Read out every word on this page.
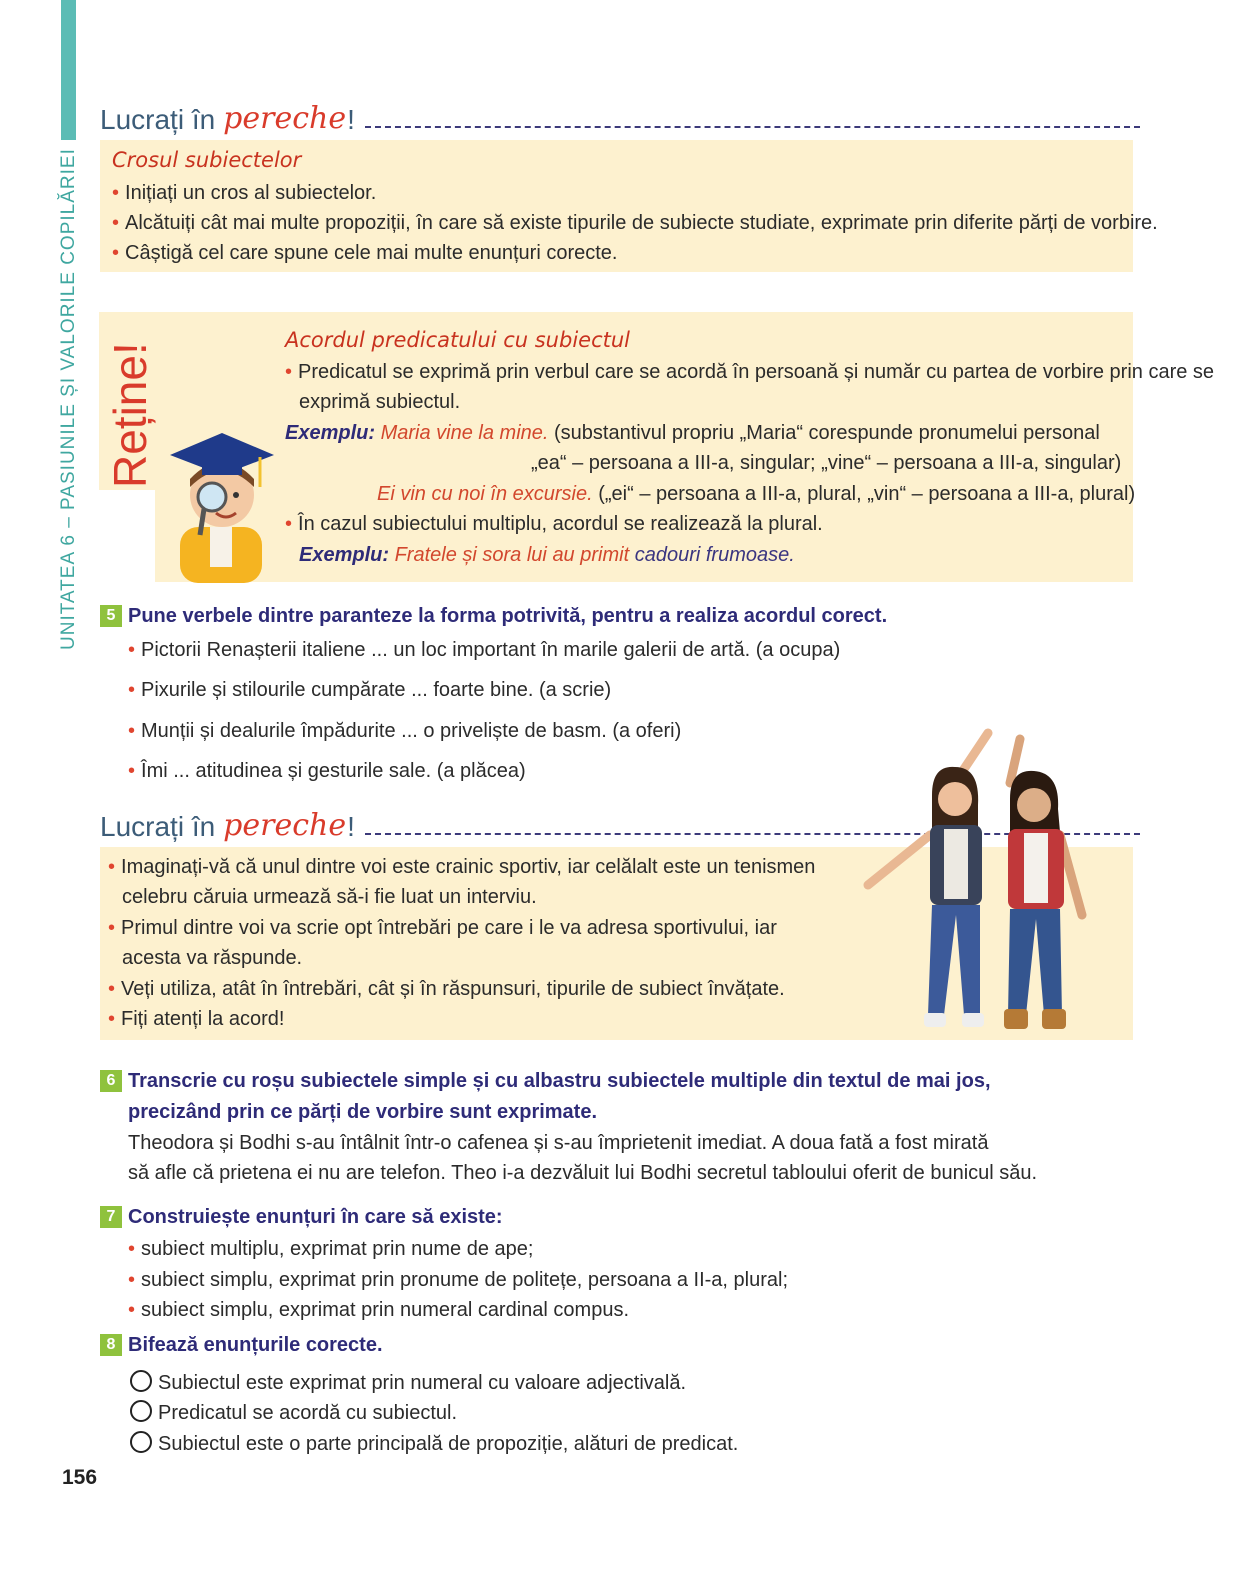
UNITATEA 6 – PASIUNILE ȘI VALORILE COPILĂRIEI
Lucrați în pereche !
Crosul subiectelor
• Inițiați un cros al subiectelor.
• Alcătuiți cât mai multe propoziții, în care să existe tipurile de subiecte studiate, exprimate prin diferite părți de vorbire.
• Câștigă cel care spune cele mai multe enunțuri corecte.
Reține!
Acordul predicatului cu subiectul
• Predicatul se exprimă prin verbul care se acordă în persoană și număr cu partea de vorbire prin care se
exprimă subiectul.
Exemplu: Maria vine la mine. (substantivul propriu „Maria“ corespunde pronumelui personal
„ea“ – persoana a III-a, singular; „vine“ – persoana a III-a, singular)
Ei vin cu noi în excursie. („ei“ – persoana a III-a, plural, „vin“ – persoana a III-a, plural)
• În cazul subiectului multiplu, acordul se realizează la plural.
Exemplu: Fratele și sora lui au primit cadouri frumoase.
5 Pune verbele dintre paranteze la forma potrivită, pentru a realiza acordul corect.
• Pictorii Renașterii italiene ... un loc important în marile galerii de artă. (a ocupa)
• Pixurile și stilourile cumpărate ... foarte bine. (a scrie)
• Munții și dealurile împădurite ... o priveliște de basm. (a oferi)
• Îmi ... atitudinea și gesturile sale. (a plăcea)
Lucrați în pereche !
• Imaginați-vă că unul dintre voi este crainic sportiv, iar celălalt este un tenismen
celebru căruia urmează să-i fie luat un interviu.
• Primul dintre voi va scrie opt întrebări pe care i le va adresa sportivului, iar
acesta va răspunde.
• Veți utiliza, atât în întrebări, cât și în răspunsuri, tipurile de subiect învățate.
• Fiți atenți la acord!
6 Transcrie cu roșu subiectele simple și cu albastru subiectele multiple din textul de mai jos,
precizând prin ce părți de vorbire sunt exprimate.
Theodora și Bodhi s-au întâlnit într-o cafenea și s-au împrietenit imediat. A doua fată a fost mirată
să afle că prietena ei nu are telefon. Theo i-a dezvăluit lui Bodhi secretul tabloului oferit de bunicul său.
7 Construiește enunțuri în care să existe:
• subiect multiplu, exprimat prin nume de ape;
• subiect simplu, exprimat prin pronume de politețe, persoana a II-a, plural;
• subiect simplu, exprimat prin numeral cardinal compus.
8 Bifează enunțurile corecte.
Subiectul este exprimat prin numeral cu valoare adjectivală.
Predicatul se acordă cu subiectul.
Subiectul este o parte principală de propoziție, alături de predicat.
156
